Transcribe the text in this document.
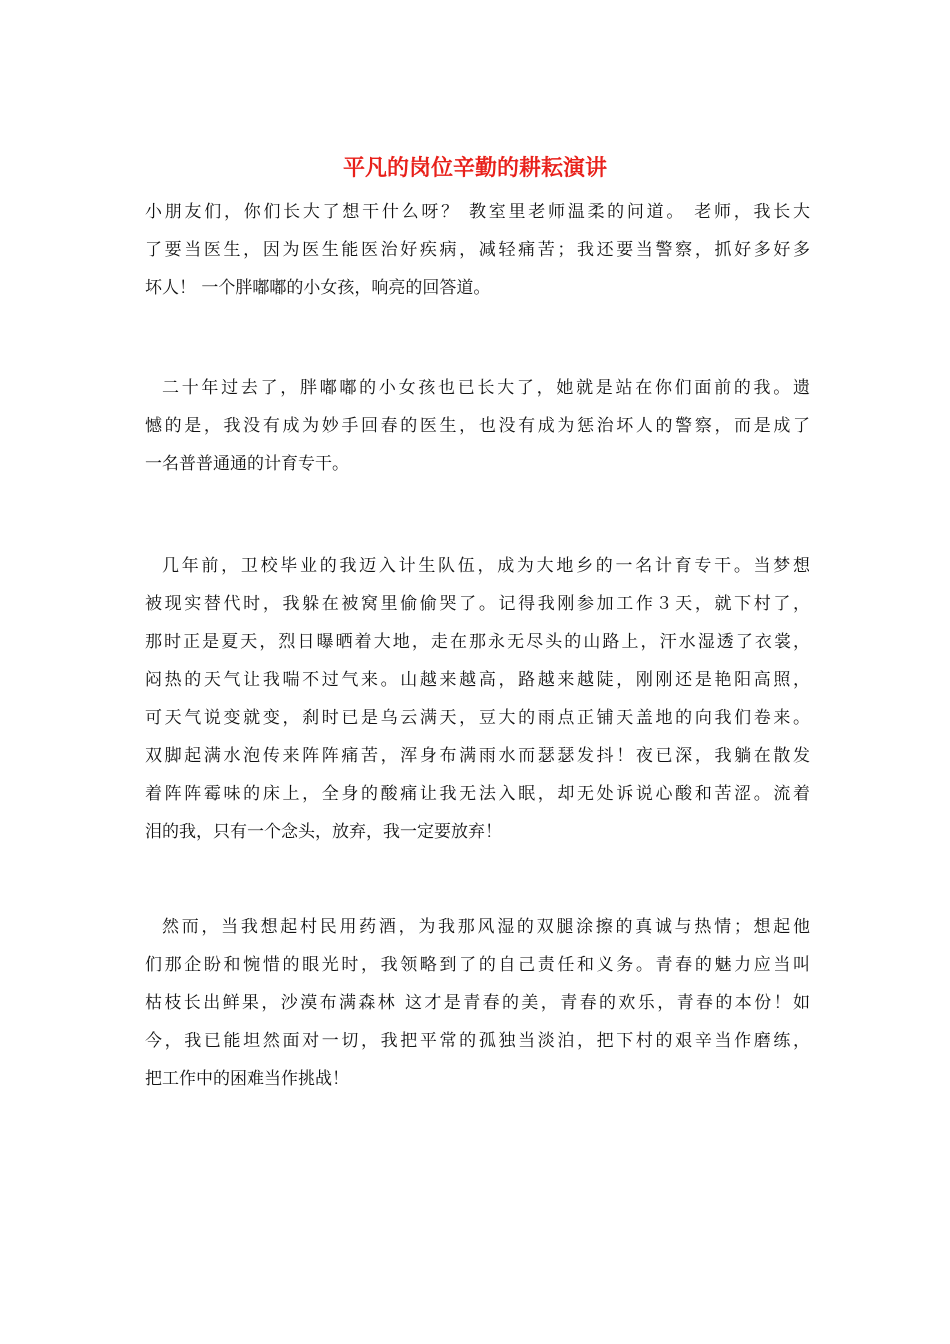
平凡的岗位辛勤的耕耘演讲
小朋友们，你们长大了想干什么呀？ 教室里老师温柔的问道。 老师，我长大
了要当医生，因为医生能医治好疾病，减轻痛苦；我还要当警察，抓好多好多
坏人！ 一个胖嘟嘟的小女孩，响亮的回答道。
二十年过去了，胖嘟嘟的小女孩也已长大了，她就是站在你们面前的我。遗
憾的是，我没有成为妙手回春的医生，也没有成为惩治坏人的警察，而是成了
一名普普通通的计育专干。
几年前，卫校毕业的我迈入计生队伍，成为大地乡的一名计育专干。当梦想
被现实替代时，我躲在被窝里偷偷哭了。记得我刚参加工作３天，就下村了，
那时正是夏天，烈日曝晒着大地，走在那永无尽头的山路上，汗水湿透了衣裳，
闷热的天气让我喘不过气来。山越来越高，路越来越陡，刚刚还是艳阳高照，
可天气说变就变，刹时已是乌云满天，豆大的雨点正铺天盖地的向我们卷来。
双脚起满水泡传来阵阵痛苦，浑身布满雨水而瑟瑟发抖！夜已深，我躺在散发
着阵阵霉味的床上，全身的酸痛让我无法入眠，却无处诉说心酸和苦涩。流着
泪的我，只有一个念头，放弃，我一定要放弃！
然而，当我想起村民用药酒，为我那风湿的双腿涂擦的真诚与热情；想起他
们那企盼和惋惜的眼光时，我领略到了的自己责任和义务。青春的魅力应当叫
枯枝长出鲜果，沙漠布满森林 这才是青春的美，青春的欢乐，青春的本份！如
今，我已能坦然面对一切，我把平常的孤独当淡泊，把下村的艰辛当作磨练，
把工作中的困难当作挑战！
